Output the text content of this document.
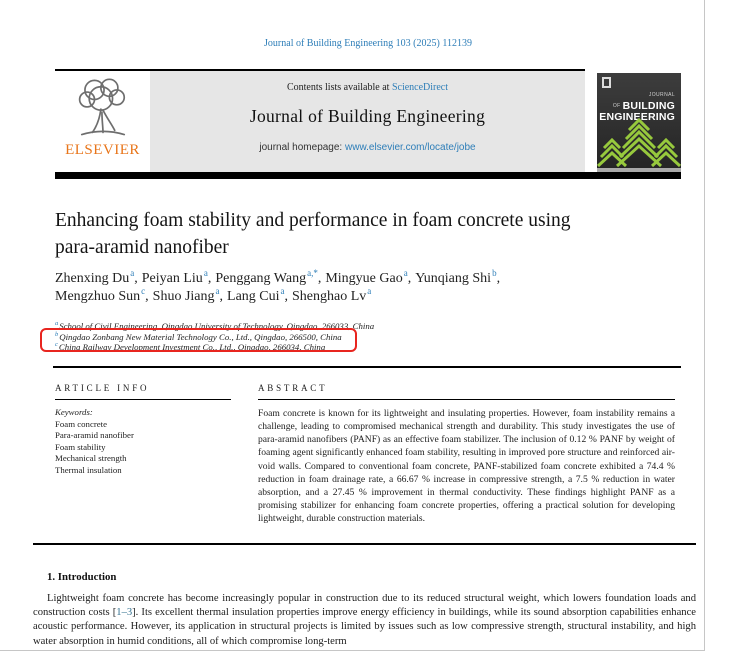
Journal of Building Engineering 103 (2025) 112139
ELSEVIER
Contents lists available at ScienceDirect
Journal of Building Engineering
journal homepage: www.elsevier.com/locate/jobe
JOURNAL OF BUILDING
ENGINEERING
Enhancing foam stability and performance in foam concrete using
para-aramid nanofiber
Zhenxing Du$^a$, Peiyan Liu$^a$, Penggang Wang$^{a,*}$, Mingyue Gao$^a$, Yunqiang Shi$^b$,
Mengzhuo Sun$^c$, Shuo Jiang$^a$, Lang Cui$^a$, Shenghao Lv$^a$
$^a$School of Civil Engineering, Qingdao University of Technology, Qingdao, 266033, China
$^b$Qingdao Zonbang New Material Technology Co., Ltd., Qingdao, 266500, China
$^c$China Railway Development Investment Co., Ltd., Qingdao, 266034, China
ARTICLE INFO
Keywords:
Foam concrete
Para-aramid nanofiber
Foam stability
Mechanical strength
Thermal insulation
ABSTRACT
Foam concrete is known for its lightweight and insulating properties. However, foam instability remains a challenge, leading to compromised mechanical strength and durability. This study investigates the use of para-aramid nanofibers (PANF) as an effective foam stabilizer. The inclusion of 0.12 % PANF by weight of foaming agent significantly enhanced foam stability, resulting in improved pore structure and reinforced air-void walls. Compared to conventional foam concrete, PANF-stabilized foam concrete exhibited a 74.4 % reduction in foam drainage rate, a 66.67 % increase in compressive strength, a 7.5 % reduction in water absorption, and a 27.45 % improvement in thermal conductivity. These findings highlight PANF as a promising stabilizer for enhancing foam concrete properties, offering a practical solution for developing lightweight, durable construction materials.
1. Introduction
Lightweight foam concrete has become increasingly popular in construction due to its reduced structural weight, which lowers foundation loads and construction costs [1–3]. Its excellent thermal insulation properties improve energy efficiency in buildings, while its sound absorption capabilities enhance acoustic performance. However, its application in structural projects is limited by issues such as low compressive strength, structural instability, and high water absorption in humid conditions, all of which compromise long-term
